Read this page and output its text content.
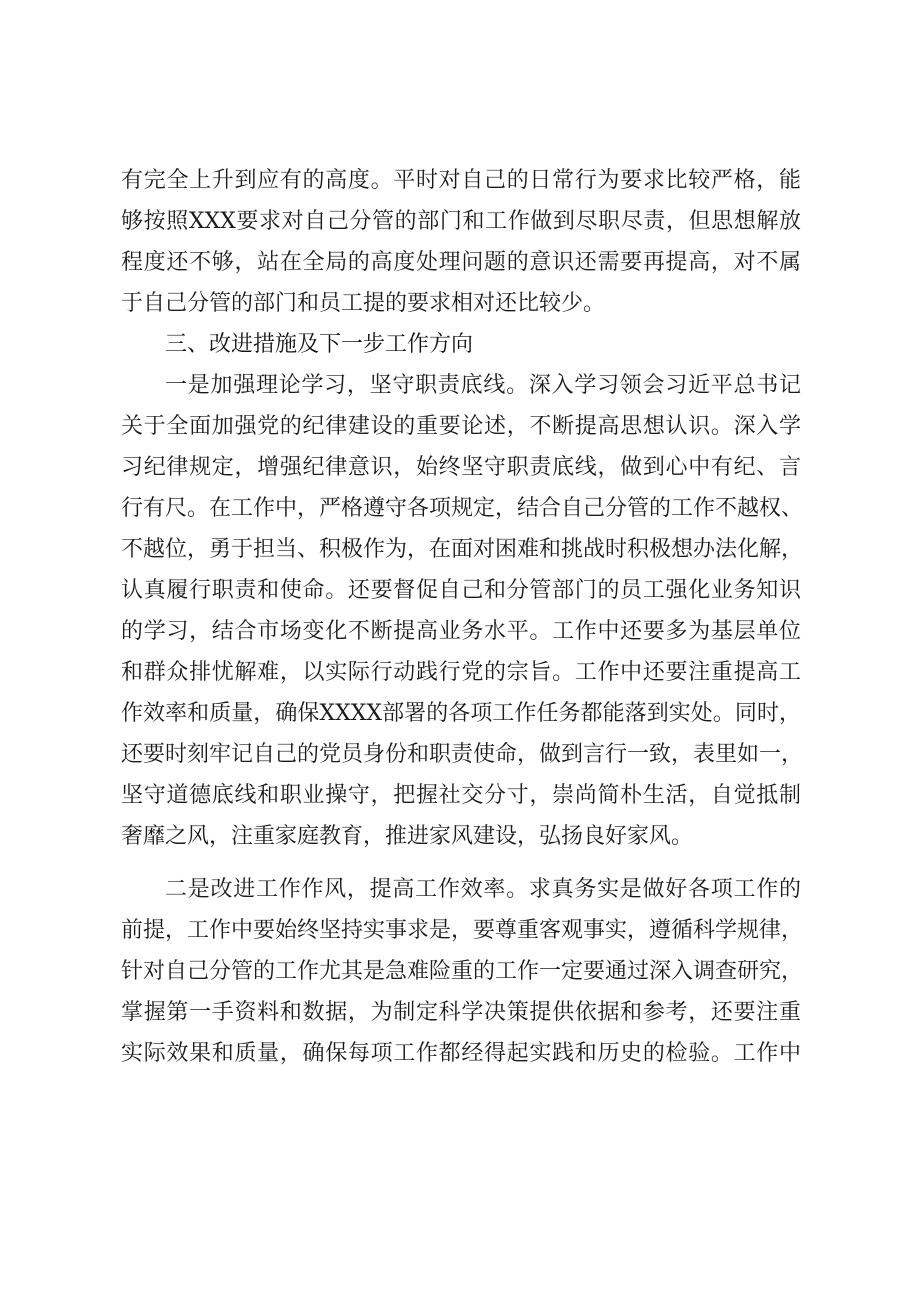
有完全上升到应有的高度。平时对自己的日常行为要求比较严格，能
够按照XXX要求对自己分管的部门和工作做到尽职尽责，但思想解放
程度还不够，站在全局的高度处理问题的意识还需要再提高，对不属
于自己分管的部门和员工提的要求相对还比较少。
三、改进措施及下一步工作方向
一是加强理论学习，坚守职责底线。深入学习领会习近平总书记
关于全面加强党的纪律建设的重要论述，不断提高思想认识。深入学
习纪律规定，增强纪律意识，始终坚守职责底线，做到心中有纪、言
行有尺。在工作中，严格遵守各项规定，结合自己分管的工作不越权、
不越位，勇于担当、积极作为，在面对困难和挑战时积极想办法化解，
认真履行职责和使命。还要督促自己和分管部门的员工强化业务知识
的学习，结合市场变化不断提高业务水平。工作中还要多为基层单位
和群众排忧解难，以实际行动践行党的宗旨。工作中还要注重提高工
作效率和质量，确保XXXX部署的各项工作任务都能落到实处。同时，
还要时刻牢记自己的党员身份和职责使命，做到言行一致，表里如一，
坚守道德底线和职业操守，把握社交分寸，崇尚简朴生活，自觉抵制
奢靡之风，注重家庭教育，推进家风建设，弘扬良好家风。
二是改进工作作风，提高工作效率。求真务实是做好各项工作的
前提，工作中要始终坚持实事求是，要尊重客观事实，遵循科学规律，
针对自己分管的工作尤其是急难险重的工作一定要通过深入调查研究，
掌握第一手资料和数据，为制定科学决策提供依据和参考，还要注重
实际效果和质量，确保每项工作都经得起实践和历史的检验。工作中
